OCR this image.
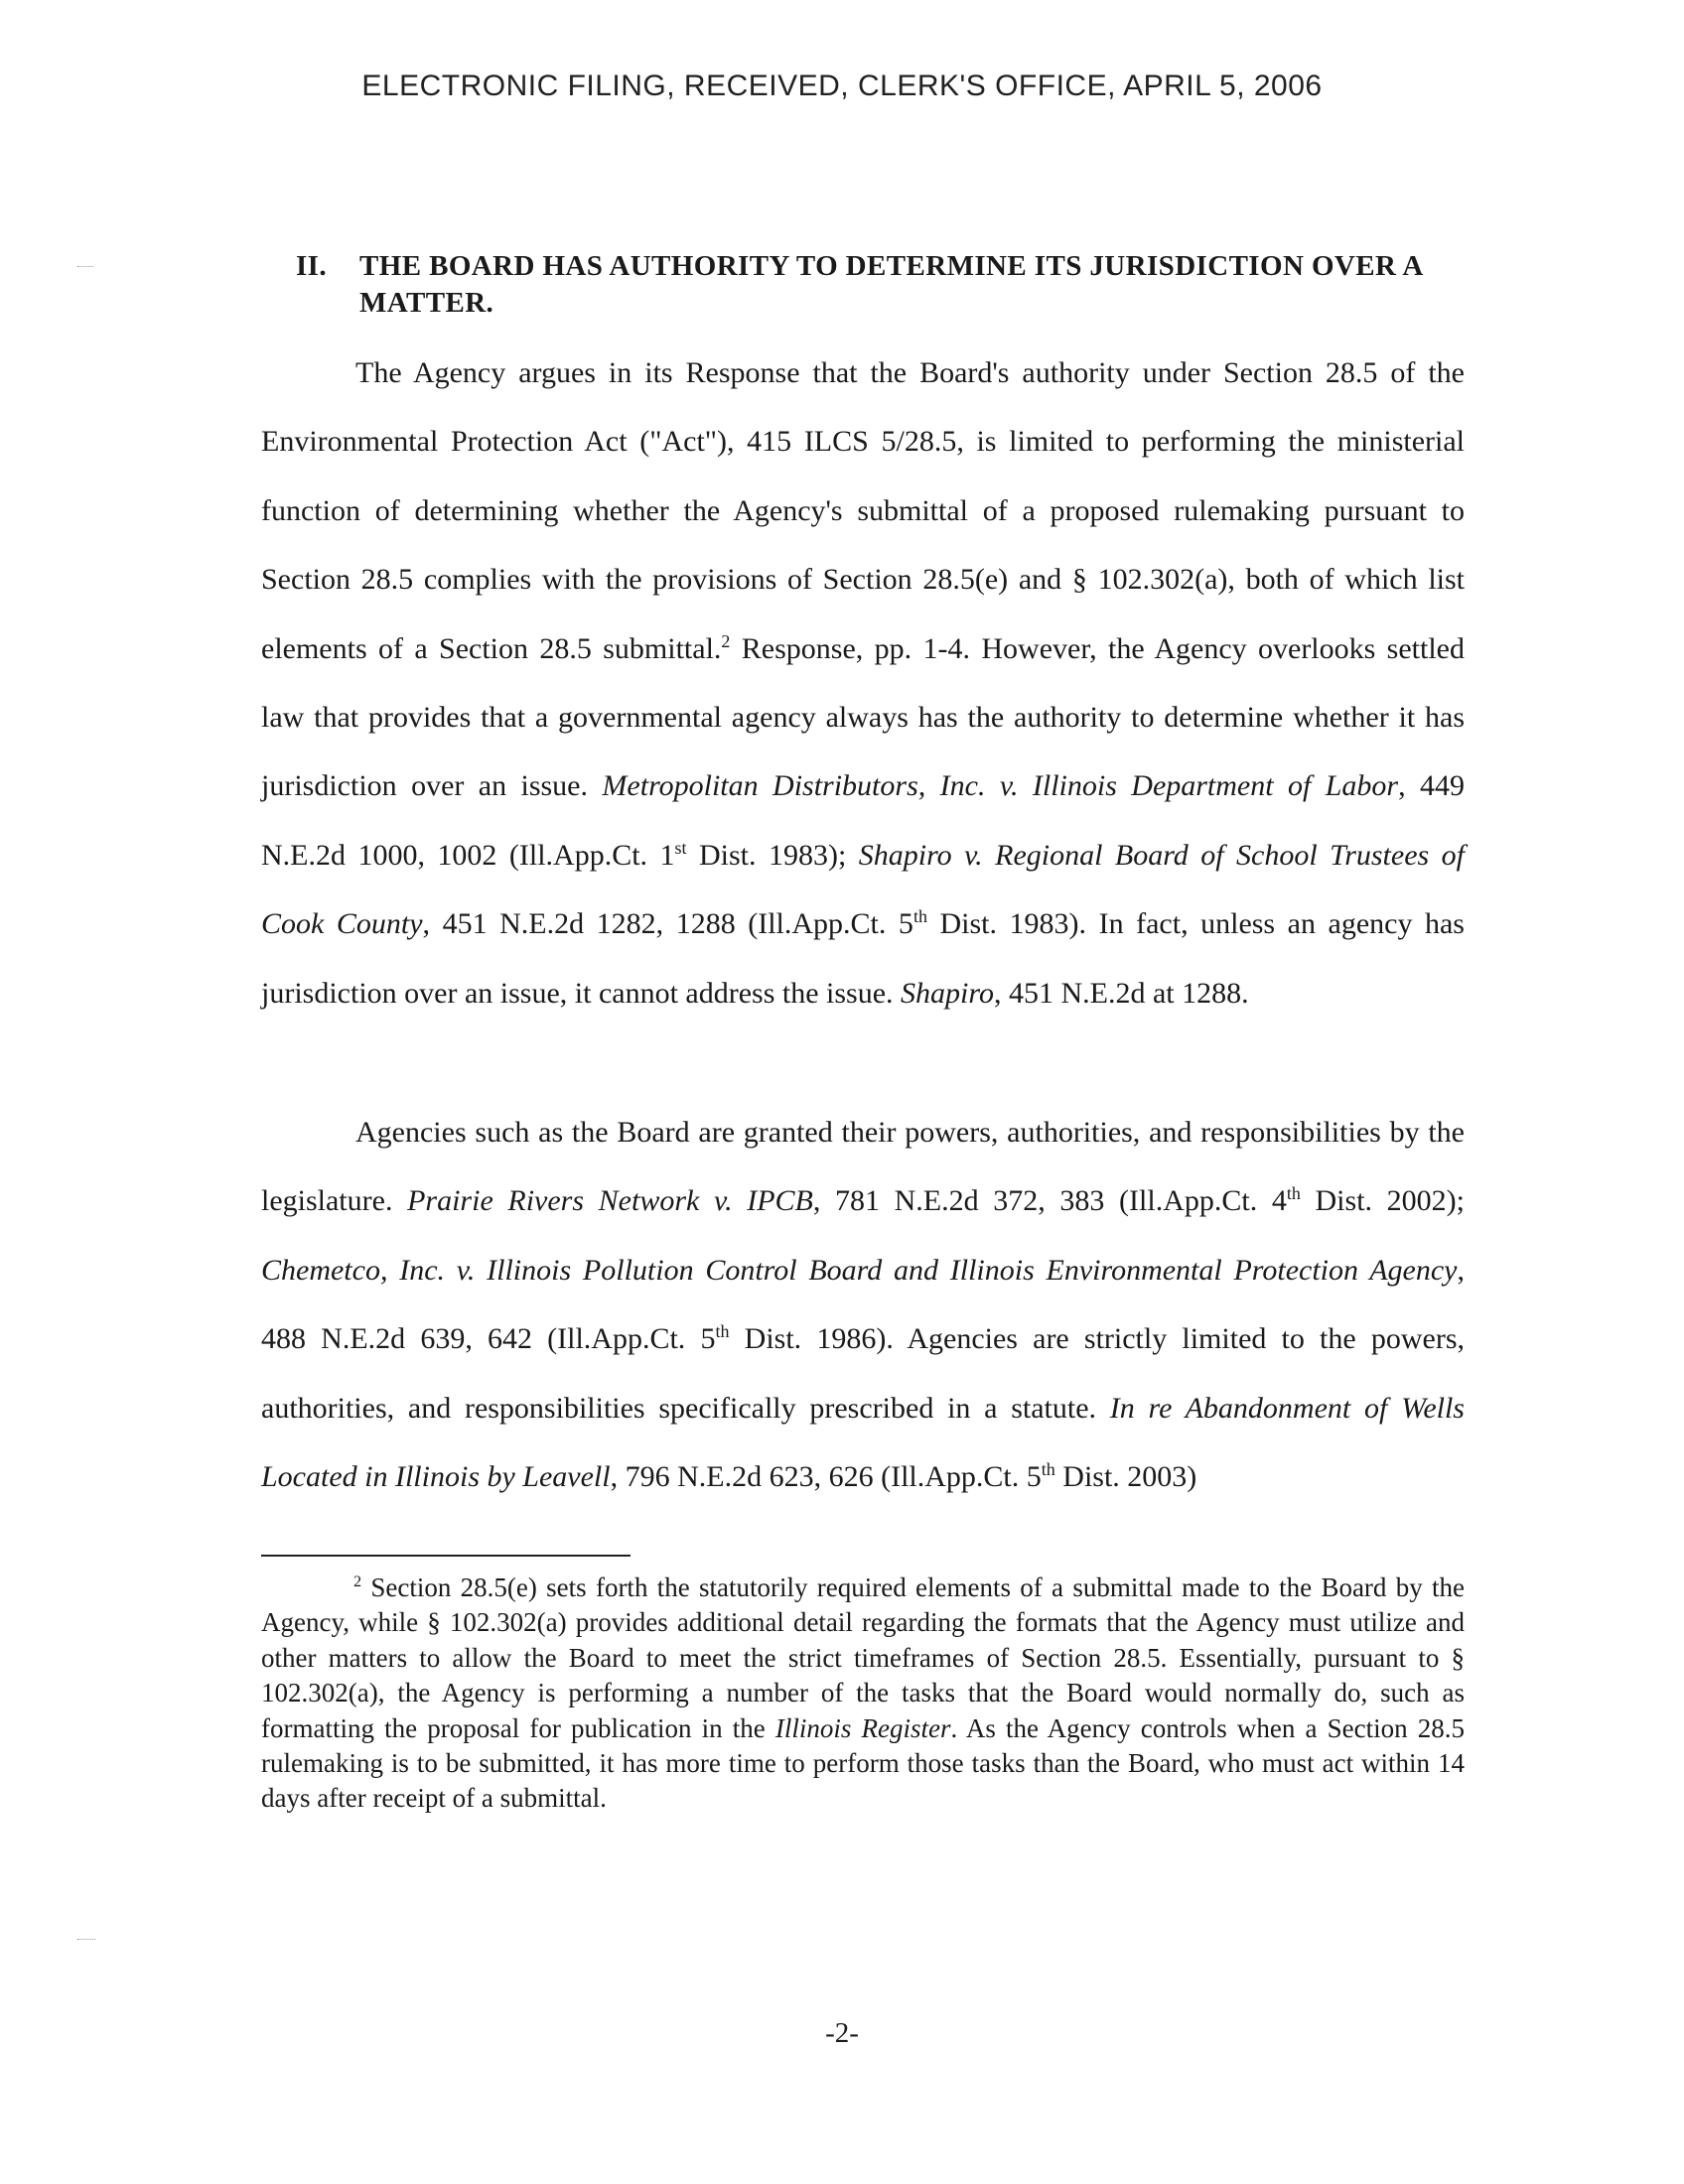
ELECTRONIC FILING, RECEIVED, CLERK'S OFFICE, APRIL 5, 2006
II. THE BOARD HAS AUTHORITY TO DETERMINE ITS JURISDICTION OVER A MATTER.

The Agency argues in its Response that the Board's authority under Section 28.5 of the Environmental Protection Act ("Act"), 415 ILCS 5/28.5, is limited to performing the ministerial function of determining whether the Agency's submittal of a proposed rulemaking pursuant to Section 28.5 complies with the provisions of Section 28.5(e) and § 102.302(a), both of which list elements of a Section 28.5 submittal.$^2$ Response, pp. 1-4. However, the Agency overlooks settled law that provides that a governmental agency always has the authority to determine whether it has jurisdiction over an issue. Metropolitan Distributors, Inc. v. Illinois Department of Labor, 449 N.E.2d 1000, 1002 (Ill.App.Ct. 1st Dist. 1983); Shapiro v. Regional Board of School Trustees of Cook County, 451 N.E.2d 1282, 1288 (Ill.App.Ct. 5th Dist. 1983). In fact, unless an agency has jurisdiction over an issue, it cannot address the issue. Shapiro, 451 N.E.2d at 1288.

Agencies such as the Board are granted their powers, authorities, and responsibilities by the legislature. Prairie Rivers Network v. IPCB, 781 N.E.2d 372, 383 (Ill.App.Ct. 4th Dist. 2002); Chemetco, Inc. v. Illinois Pollution Control Board and Illinois Environmental Protection Agency, 488 N.E.2d 639, 642 (Ill.App.Ct. 5th Dist. 1986). Agencies are strictly limited to the powers, authorities, and responsibilities specifically prescribed in a statute. In re Abandonment of Wells Located in Illinois by Leavell, 796 N.E.2d 623, 626 (Ill.App.Ct. 5th Dist. 2003)

$^2$ Section 28.5(e) sets forth the statutorily required elements of a submittal made to the Board by the Agency, while § 102.302(a) provides additional detail regarding the formats that the Agency must utilize and other matters to allow the Board to meet the strict timeframes of Section 28.5. Essentially, pursuant to § 102.302(a), the Agency is performing a number of the tasks that the Board would normally do, such as formatting the proposal for publication in the Illinois Register. As the Agency controls when a Section 28.5 rulemaking is to be submitted, it has more time to perform those tasks than the Board, who must act within 14 days after receipt of a submittal.

-2-
